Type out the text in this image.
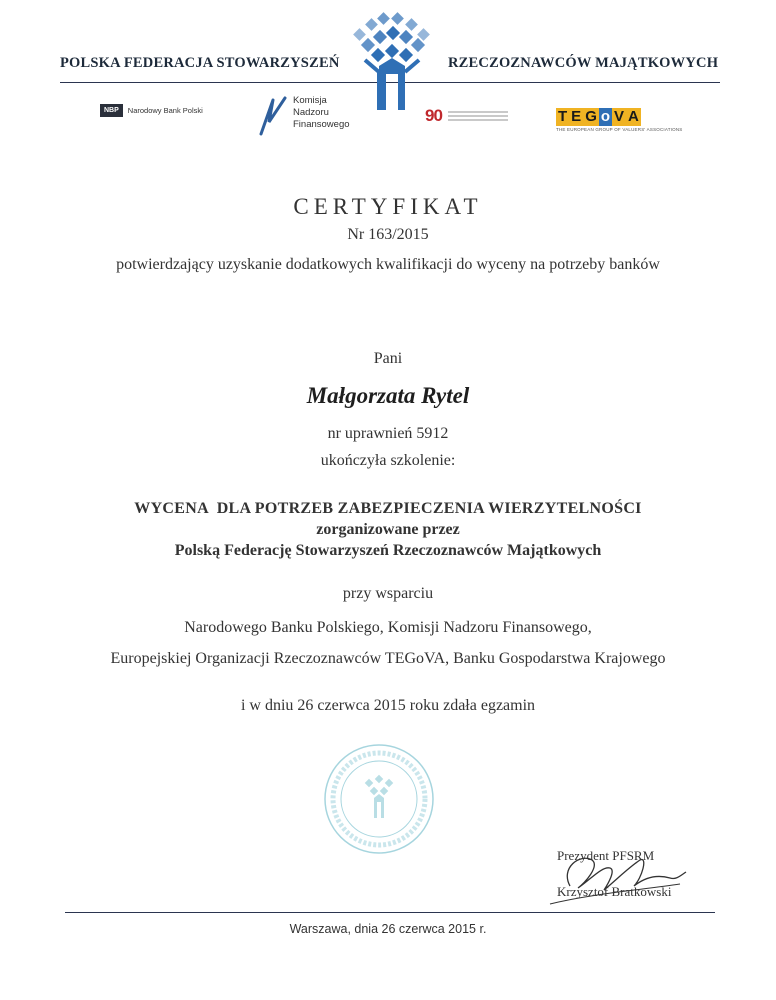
POLSKA FEDERACJA STOWARZYSZEŃ	RZECZOZNAWCÓW MAJĄTKOWYCH
NBP	Narodowy Bank Polski
Komisja
Nadzoru
Finansowego	90	T E G o V A
THE EUROPEAN GROUP OF VALUERS' ASSOCIATIONS
CERTYFIKAT
Nr 163/2015
potwierdzający uzyskanie dodatkowych kwalifikacji do wyceny na potrzeby banków
Pani
Małgorzata Rytel
nr uprawnień 5912
ukończyła szkolenie:
WYCENA  DLA POTRZEB ZABEZPIECZENIA WIERZYTELNOŚCI
zorganizowane przez
Polską Federację Stowarzyszeń Rzeczoznawców Majątkowych
przy wsparciu
Narodowego Banku Polskiego, Komisji Nadzoru Finansowego,
Europejskiej Organizacji Rzeczoznawców TEGoVA, Banku Gospodarstwa Krajowego
i w dniu 26 czerwca 2015 roku zdała egzamin
Prezydent PFSRM
Krzysztof Bratkowski
Warszawa, dnia 26 czerwca 2015 r.
